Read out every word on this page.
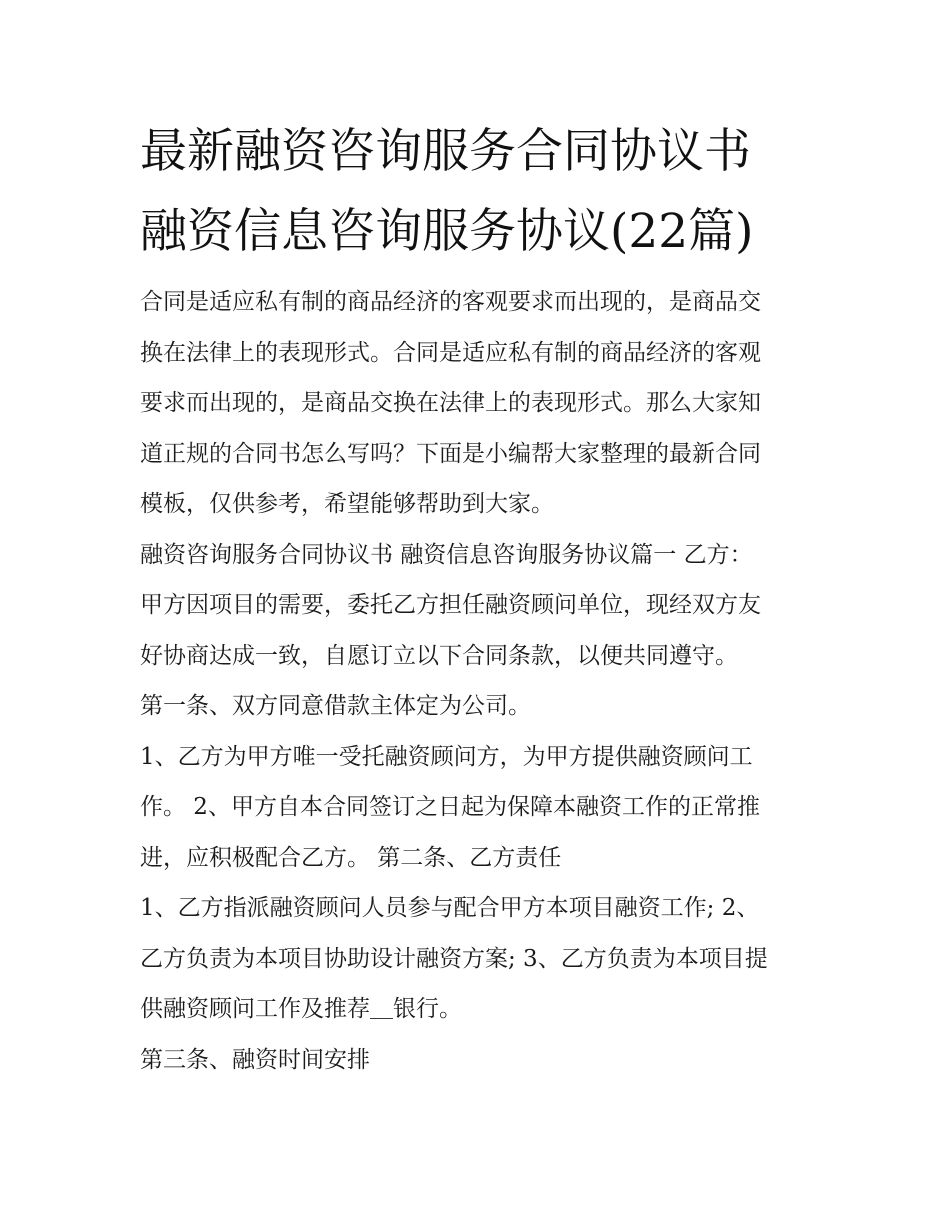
最新融资咨询服务合同协议书
融资信息咨询服务协议(22篇)

合同是适应私有制的商品经济的客观要求而出现的，是商品交
换在法律上的表现形式。合同是适应私有制的商品经济的客观
要求而出现的，是商品交换在法律上的表现形式。那么大家知
道正规的合同书怎么写吗？下面是小编帮大家整理的最新合同
模板，仅供参考，希望能够帮助到大家。

融资咨询服务合同协议书 融资信息咨询服务协议篇一 乙方：
甲方因项目的需要，委托乙方担任融资顾问单位，现经双方友
好协商达成一致，自愿订立以下合同条款，以便共同遵守。

第一条、双方同意借款主体定为公司。

1、乙方为甲方唯一受托融资顾问方，为甲方提供融资顾问工
作。 2、甲方自本合同签订之日起为保障本融资工作的正常推
进，应积极配合乙方。 第二条、乙方责任

1、乙方指派融资顾问人员参与配合甲方本项目融资工作; 2、
乙方负责为本项目协助设计融资方案; 3、乙方负责为本项目提
供融资顾问工作及推荐＿银行。

第三条、融资时间安排
